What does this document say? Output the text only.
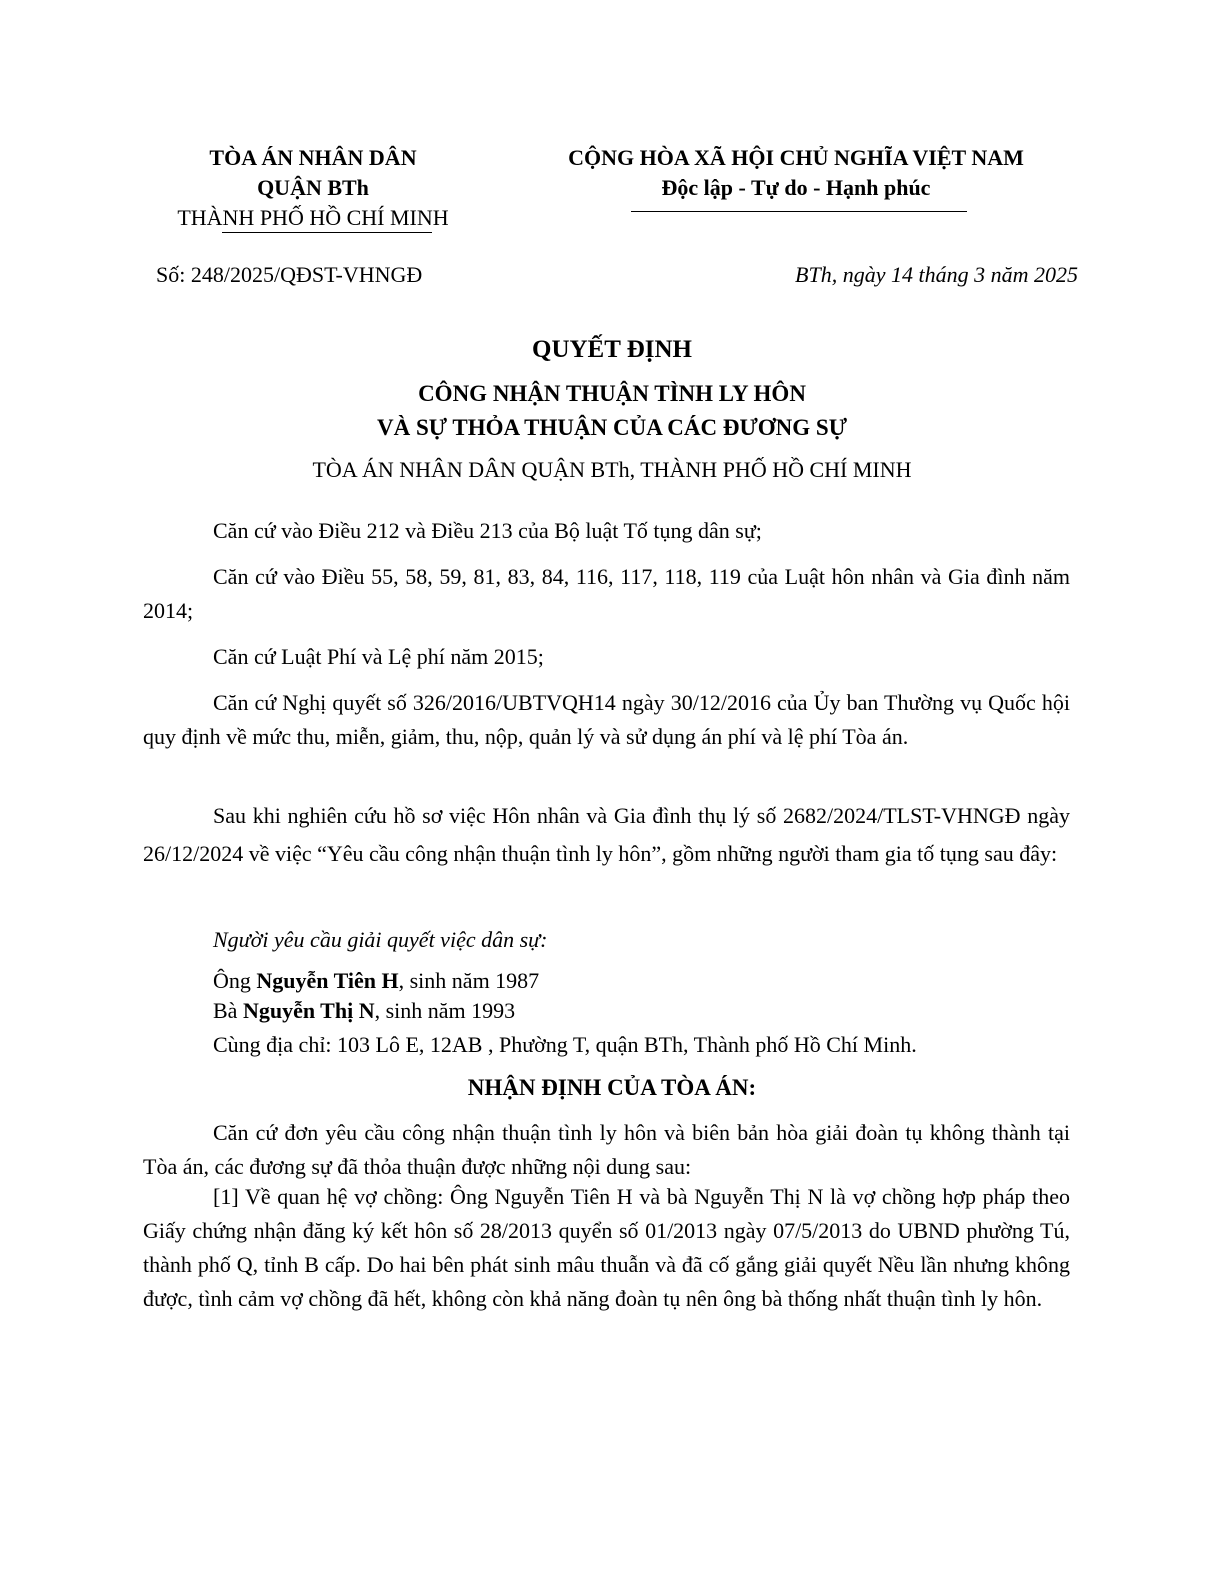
TÒA ÁN NHÂN DÂN
QUẬN BTh
THÀNH PHỐ HỒ CHÍ MINH
CỘNG HÒA XÃ HỘI CHỦ NGHĨA VIỆT NAM
Độc lập - Tự do - Hạnh phúc
Số: 248/2025/QĐST-VHNGĐ	BTh, ngày 14 tháng 3 năm 2025
QUYẾT ĐỊNH
CÔNG NHẬN THUẬN TÌNH LY HÔN
VÀ SỰ THỎA THUẬN CỦA CÁC ĐƯƠNG SỰ
TÒA ÁN NHÂN DÂN QUẬN BTh, THÀNH PHỐ HỒ CHÍ MINH
Căn cứ vào Điều 212 và Điều 213 của Bộ luật Tố tụng dân sự;
Căn cứ vào Điều 55, 58, 59, 81, 83, 84, 116, 117, 118, 119 của Luật hôn nhân và Gia đình năm 2014;
Căn cứ Luật Phí và Lệ phí năm 2015;
Căn cứ Nghị quyết số 326/2016/UBTVQH14 ngày 30/12/2016 của Ủy ban Thường vụ Quốc hội quy định về mức thu, miễn, giảm, thu, nộp, quản lý và sử dụng án phí và lệ phí Tòa án.
Sau khi nghiên cứu hồ sơ việc Hôn nhân và Gia đình thụ lý số 2682/2024/TLST-VHNGĐ ngày 26/12/2024 về việc “Yêu cầu công nhận thuận tình ly hôn”, gồm những người tham gia tố tụng sau đây:
Người yêu cầu giải quyết việc dân sự:
Ông Nguyễn Tiên H, sinh năm 1987
Bà Nguyễn Thị N, sinh năm 1993
Cùng địa chỉ: 103 Lô E, 12AB , Phường T, quận BTh, Thành phố Hồ Chí Minh.
NHẬN ĐỊNH CỦA TÒA ÁN:
Căn cứ đơn yêu cầu công nhận thuận tình ly hôn và biên bản hòa giải đoàn tụ không thành tại Tòa án, các đương sự đã thỏa thuận được những nội dung sau:
[1] Về quan hệ vợ chồng: Ông Nguyễn Tiên H và bà Nguyễn Thị N là vợ chồng hợp pháp theo Giấy chứng nhận đăng ký kết hôn số 28/2013 quyển số 01/2013 ngày 07/5/2013 do UBND phường Tú, thành phố Q, tỉnh B cấp. Do hai bên phát sinh mâu thuẫn và đã cố gắng giải quyết Nều lần nhưng không được, tình cảm vợ chồng đã hết, không còn khả năng đoàn tụ nên ông bà thống nhất thuận tình ly hôn.
